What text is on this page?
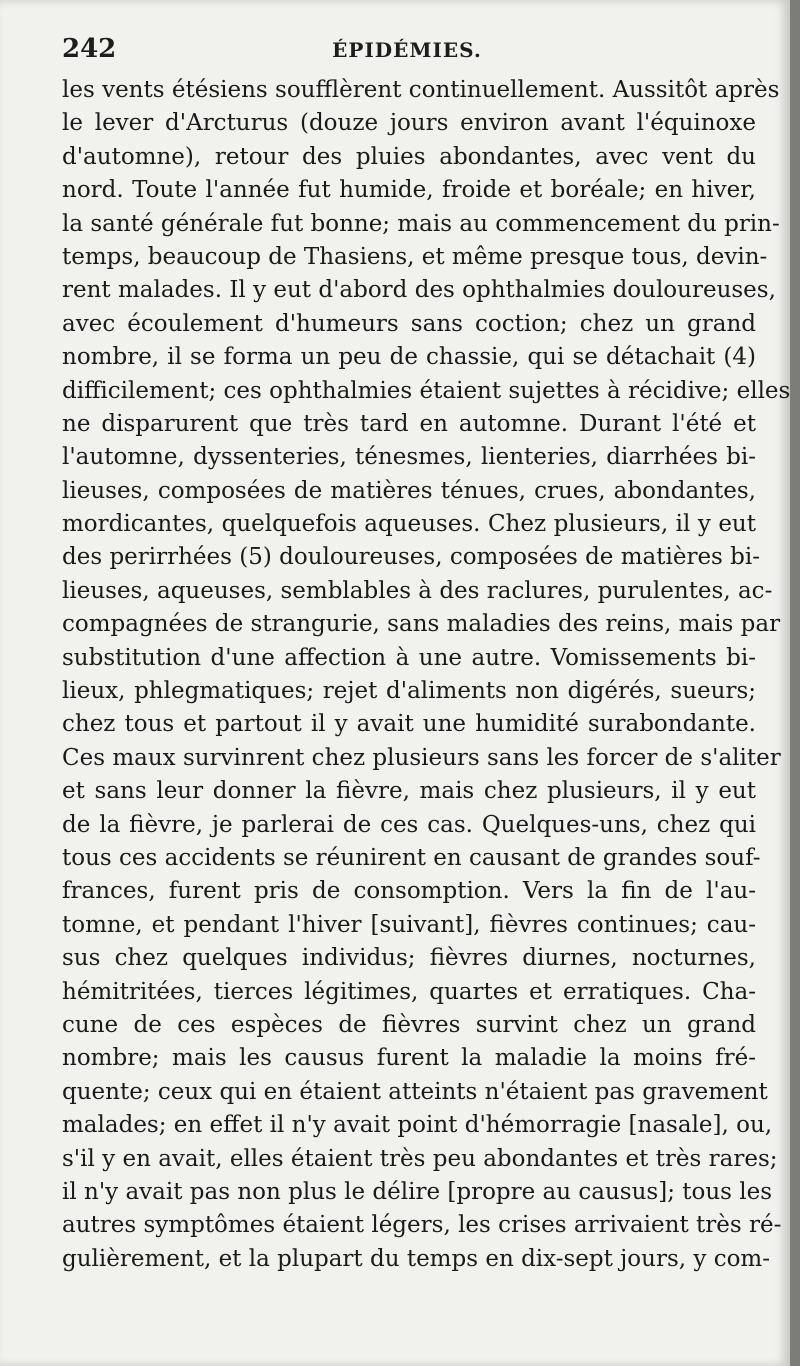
242	ÉPIDÉMIES.
les vents étésiens soufflèrent continuellement. Aussitôt après
le lever d'Arcturus (douze jours environ avant l'équinoxe
d'automne), retour des pluies abondantes, avec vent du
nord. Toute l'année fut humide, froide et boréale; en hiver,
la santé générale fut bonne; mais au commencement du prin-
temps, beaucoup de Thasiens, et même presque tous, devin-
rent malades. Il y eut d'abord des ophthalmies douloureuses,
avec écoulement d'humeurs sans coction; chez un grand
nombre, il se forma un peu de chassie, qui se détachait (4)
difficilement; ces ophthalmies étaient sujettes à récidive; elles
ne disparurent que très tard en automne. Durant l'été et
l'automne, dyssenteries, ténesmes, lienteries, diarrhées bi-
lieuses, composées de matières ténues, crues, abondantes,
mordicantes, quelquefois aqueuses. Chez plusieurs, il y eut
des perirrhées (5) douloureuses, composées de matières bi-
lieuses, aqueuses, semblables à des raclures, purulentes, ac-
compagnées de strangurie, sans maladies des reins, mais par
substitution d'une affection à une autre. Vomissements bi-
lieux, phlegmatiques; rejet d'aliments non digérés, sueurs;
chez tous et partout il y avait une humidité surabondante.
Ces maux survinrent chez plusieurs sans les forcer de s'aliter
et sans leur donner la fièvre, mais chez plusieurs, il y eut
de la fièvre, je parlerai de ces cas. Quelques-uns, chez qui
tous ces accidents se réunirent en causant de grandes souf-
frances, furent pris de consomption. Vers la fin de l'au-
tomne, et pendant l'hiver [suivant], fièvres continues; cau-
sus chez quelques individus; fièvres diurnes, nocturnes,
hémitritées, tierces légitimes, quartes et erratiques. Cha-
cune de ces espèces de fièvres survint chez un grand
nombre; mais les causus furent la maladie la moins fré-
quente; ceux qui en étaient atteints n'étaient pas gravement
malades; en effet il n'y avait point d'hémorragie [nasale], ou,
s'il y en avait, elles étaient très peu abondantes et très rares;
il n'y avait pas non plus le délire [propre au causus]; tous les
autres symptômes étaient légers, les crises arrivaient très ré-
gulièrement, et la plupart du temps en dix-sept jours, y com-
